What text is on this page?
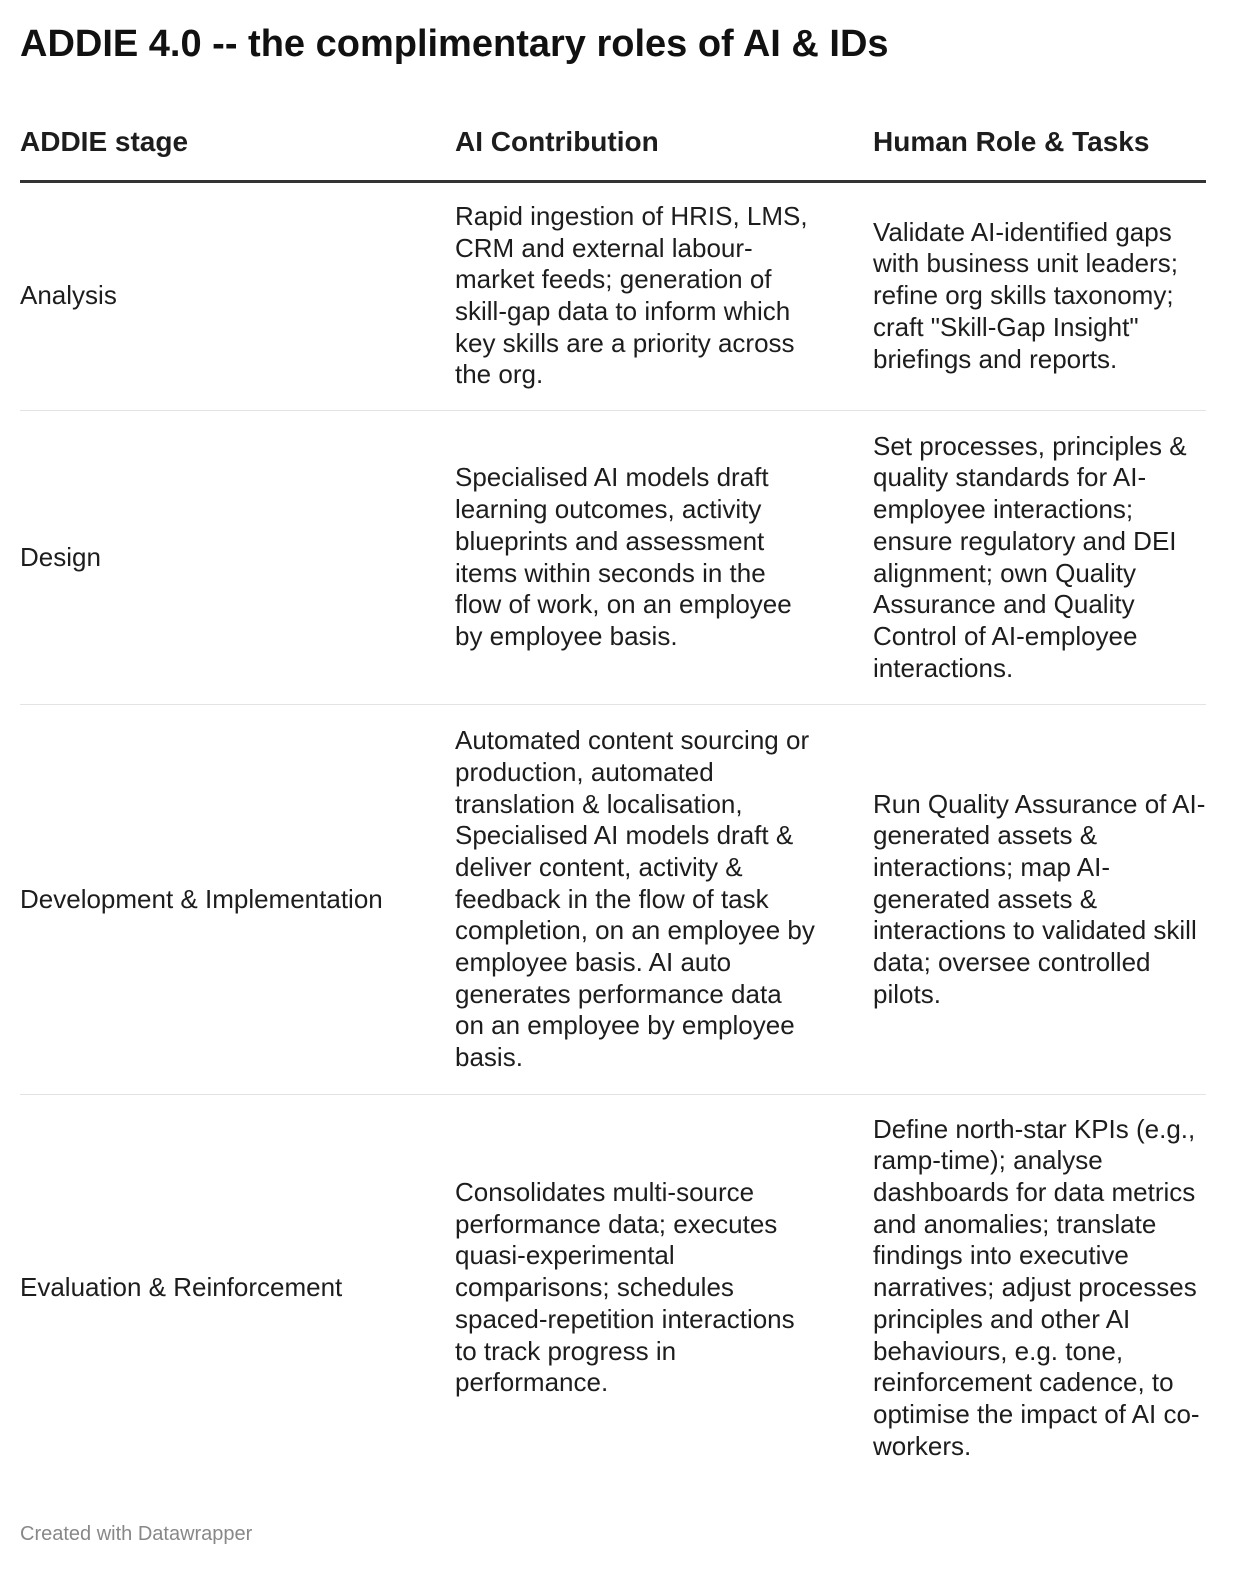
ADDIE 4.0 -- the complimentary roles of AI & IDs
ADDIE stage	AI Contribution	Human Role & Tasks
Analysis
Rapid ingestion of HRIS, LMS, CRM and external labour-market feeds; generation of skill-gap data to inform which key skills are a priority across the org.
Validate AI-identified gaps with business unit leaders; refine org skills taxonomy; craft "Skill-Gap Insight" briefings and reports.
Design
Specialised AI models draft learning outcomes, activity blueprints and assessment items within seconds in the flow of work, on an employee by employee basis.
Set processes, principles & quality standards for AI-employee interactions; ensure regulatory and DEI alignment; own Quality Assurance and Quality Control of AI-employee interactions.
Development & Implementation
Automated content sourcing or production, automated translation & localisation, Specialised AI models draft & deliver content, activity & feedback in the flow of task completion, on an employee by employee basis. AI auto generates performance data on an employee by employee basis.
Run Quality Assurance of AI-generated assets & interactions; map AI-generated assets & interactions to validated skill data; oversee controlled pilots.
Evaluation & Reinforcement
Consolidates multi-source performance data; executes quasi-experimental comparisons; schedules spaced-repetition interactions to track progress in performance.
Define north-star KPIs (e.g., ramp-time); analyse dashboards for data metrics and anomalies; translate findings into executive narratives; adjust processes principles and other AI behaviours, e.g. tone, reinforcement cadence, to optimise the impact of AI co-workers.
Created with Datawrapper
